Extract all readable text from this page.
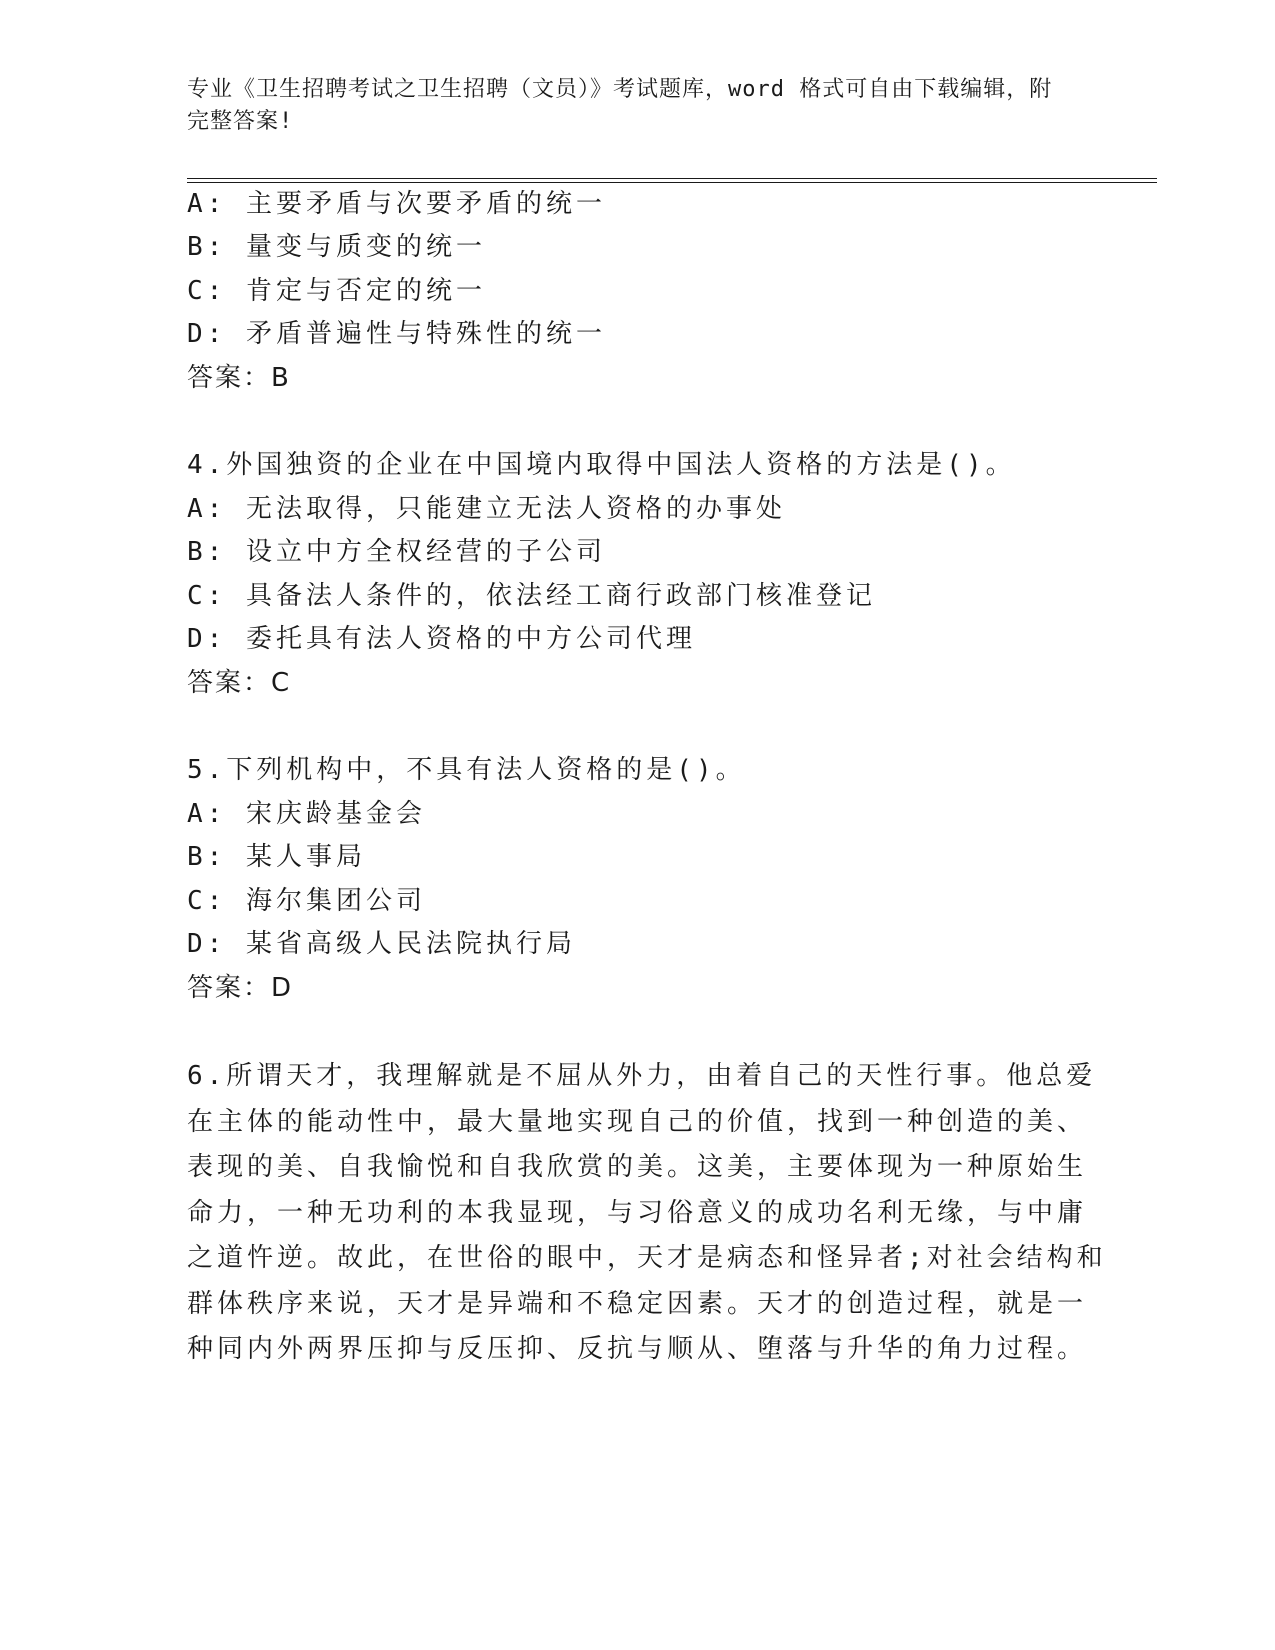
专业《卫生招聘考试之卫生招聘（文员）》考试题库，word 格式可自由下载编辑，附完整答案!
A: 主要矛盾与次要矛盾的统一
B: 量变与质变的统一
C: 肯定与否定的统一
D: 矛盾普遍性与特殊性的统一
答案：B
4.外国独资的企业在中国境内取得中国法人资格的方法是()。
A: 无法取得，只能建立无法人资格的办事处
B: 设立中方全权经营的子公司
C: 具备法人条件的，依法经工商行政部门核准登记
D: 委托具有法人资格的中方公司代理
答案：C
5.下列机构中，不具有法人资格的是()。
A: 宋庆龄基金会
B: 某人事局
C: 海尔集团公司
D: 某省高级人民法院执行局
答案：D
6.所谓天才，我理解就是不屈从外力，由着自己的天性行事。他总爱
在主体的能动性中，最大量地实现自己的价值，找到一种创造的美、
表现的美、自我愉悦和自我欣赏的美。这美，主要体现为一种原始生
命力，一种无功利的本我显现，与习俗意义的成功名利无缘，与中庸
之道忤逆。故此，在世俗的眼中，天才是病态和怪异者;对社会结构和
群体秩序来说，天才是异端和不稳定因素。天才的创造过程，就是一
种同内外两界压抑与反压抑、反抗与顺从、堕落与升华的角力过程。
